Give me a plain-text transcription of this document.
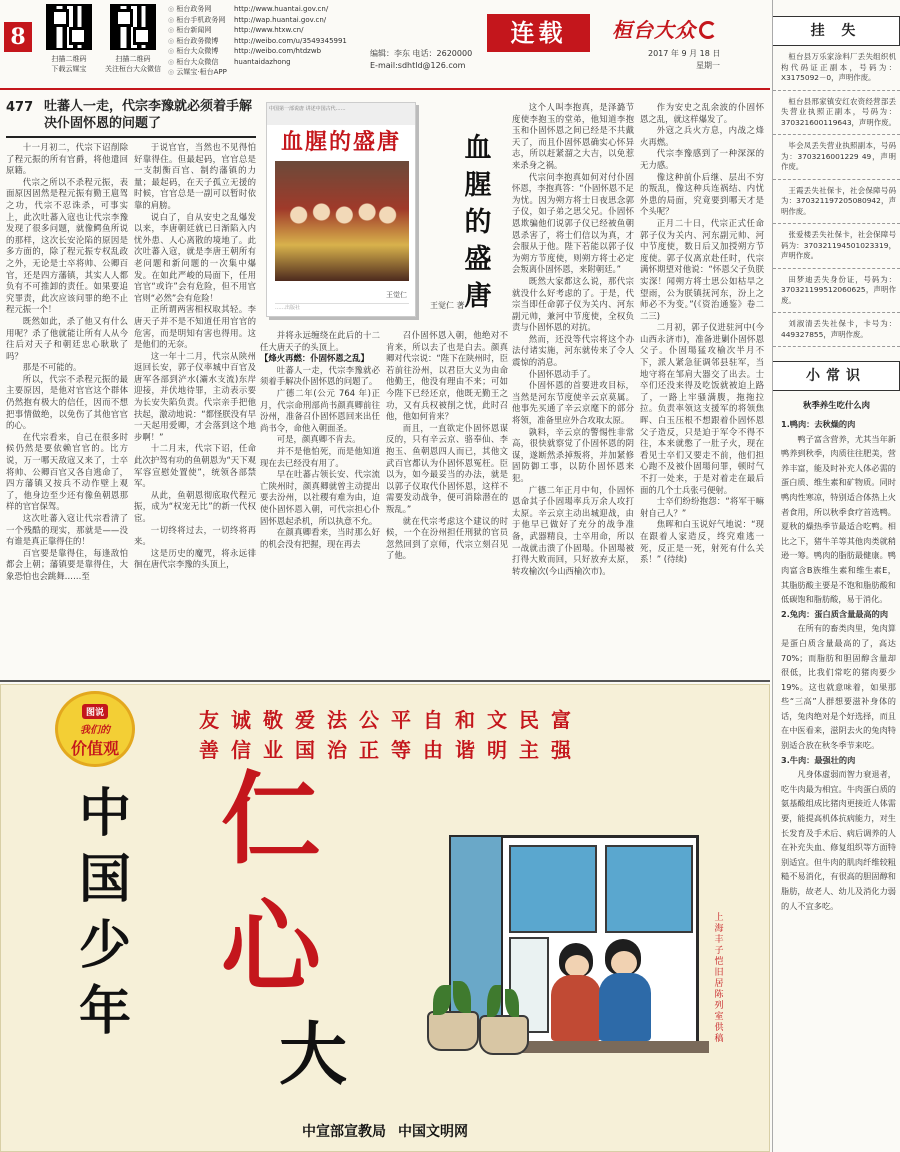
8
扫描二维码
下载云媒宝
扫描二维码
关注桓台大众微信
◎ 桓台政务网	http://www.huantai.gov.cn/
◎ 桓台手机政务网 http://wap.huantai.gov.cn/
◎ 桓台新闻网	http://www.htxw.cn/
◎ 桓台政务微博 http://weibo.com/u/3549345991
◎ 桓台大众微博 http://weibo.com/htdzwb
◎ 桓台大众微信 huantaidazhong
◎ 云媒宝·桓台APP
编辑：李东 电话：2620000
E-mail:sdhtld@126.com
连载	桓台大众
2017 年 9 月 18 日
星期一
477 吐蕃人一走，代宗李豫就必须着手解决仆固怀恩的问题了

十一月初二，代宗下诏削除了程元振的所有官爵，将他遣回原籍。

代宗之所以不杀程元振，表面原因固然是程元振有勤王扈驾之功，代宗不忍诛杀，可事实上，此次吐蕃入寇也让代宗李豫发现了很多问题，就像鳄鱼所说的那样，这次长安沦陷的原因是多方面的，除了程元振专权乱政之外，无论是士卒将帅、公卿百官，还是四方藩镇，其实人人都负有不可推卸的责任。如果要追究罪责，此次应该问罪的绝不止程元振一个！

既然如此，杀了他又有什么用呢？杀了他就能让所有人从今往后对天子和朝廷忠心耿耿了吗？

那是不可能的。

所以，代宗不杀程元振的最主要原因，是他对官官这个群体仍然抱有极大的信任，因而不想把事情做绝，以免伤了其他官官的心。

在代宗看来，自己在很多时候仍然是要依赖官官的。比方说，万一哪天敌寇又来了，士卒将帅、公卿百官又各自逃命了，四方藩镇又按兵不动作壁上观了，他身边至少还有像鱼朝恩那样的官官保驾。

这次吐蕃入寇让代宗看清了一个残酷的现实，那就是——没有谁是真正靠得住的！

百官要是靠得住，每逢敌怕都会上朝；藩镇要是靠得住，大象恐怕也会跳舞……至

于说官官，当然也不见得怕好靠得住。但最起码，官官总是一支制衡百官、制约藩镇的力量；最起码，在天子孤立无援的时候，官官总是一副可以暂时依靠的肩膀。

说白了，自从安史之乱爆发以来，李唐朝廷就已日渐陷入内忧外患、人心离散的境地了。此次吐蕃入寇，就是李唐王朝所有老问题和新问题的一次集中爆发。在如此严峻的局面下，任用官官“或许”会有危险，但不用官官则“必然”会有危险！

正所谓两害相权取其轻。李唐天子并不是不知道任用官官的危害，而是明知有害也得用。这是他们的无奈。

这一年十二月，代宗从陕州返回长安，郭子仪率城中百官及唐军各部到浐水(灞水支流)东岸迎接，并伏地待罪，主动表示要为长安失陷负责。代宗亲手把他扶起，激动地说：“都怪朕没有早一天起用爱卿，才会落到这个地步啊！”

十二月末，代宗下诏，任命此次护驾有功的鱼朝恩为“天下观军容宣慰处置使”，统领各部禁军。

从此，鱼朝恩彻底取代程元振，成为“权宠无比”的新一代权宦。

一切终将过去，一切终将再来。

这是历史的魔咒，将永远徘徊在唐代宗李豫的头顶上，

中国第一部说唐 讲述中国古代……
血腥的盛唐
王觉仁
……出版社
血
腥
的
盛
唐
王觉仁 著

并将永远缠绕在此后的十二任大唐天子的头顶上。

【烽火再燃：仆固怀恩之乱】

吐蕃人一走，代宗李豫就必须着手解决仆固怀恩的问题了。

广德二年(公元 764 年)正月，代宗命刑部尚书颜真卿前往汾州，准备召仆固怀恩回来出任尚书令，命他入朝面圣。

可是，颜真卿不肯去。

并不是他怕死，而是他知道现在去已经没有用了。

早在吐蕃占领长安、代宗流亡陕州时，颜真卿就曾主动提出要去汾州，以社稷有难为由，迫使仆固怀恩入朝，可代宗担心仆固怀恩起杀机，所以执意不允。

在颜真卿看来，当时那么好的机会没有把握，现在再去

召仆固怀恩入朝，他绝对不肯来，所以去了也是白去。颜真卿对代宗说：“陛下在陕州时，臣若前往汾州，以君臣大义为由命他勤王，他没有理由不来；可如今陛下已经还京，他既无勤王之功，又有兵权被削之忧，此时召他，他如何肯来？

而且，一直欲定仆固怀恩谋反的，只有辛云京、骆奉仙、李抱玉、鱼朝恩四人而已，其他文武百官都认为仆固怀恩冤枉。臣以为，如今最妥当的办法，就是以郭子仪取代仆固怀恩，这样不需要发动战争，便可消除潜在的叛乱。”

就在代宗考虑这个建议的时候，一个在汾州担任刑狱的官员忽然回到了京师，代宗立刻召见了他。

这个人叫李抱真，是泽潞节度使李抱玉的堂弟，他知道李抱玉和仆固怀恩之间已经是不共戴天了，而且仆固怀恩确实心怀异志，所以赶紧溜之大吉，以免惹来杀身之祸。

代宗问李抱真如何对付仆固怀恩，李抱真答：“仆固怀恩不足为忧。因为朔方将士日夜思念郭子仪，如子弟之思父兄。仆固怀恩欺骗他们说郭子仪已经被鱼朝恩杀害了，将士们信以为真，才会服从于他。陛下若能以郭子仪为朔方节度使，则朔方将士必定会叛离仆固怀恩，来附朝廷。”

既然大家都这么说，那代宗就没什么好考虑的了。于是，代宗当即任命郭子仪为关内、河东副元帅，兼河中节度使，全权负责与仆固怀恩的对抗。

然而，还没等代宗将这个办法付诸实施，河东就传来了令人震惊的消息。

仆固怀恩动手了。

仆固怀恩的首要进攻目标，当然是河东节度使辛云京莫属。他事先买通了辛云京麾下的部分将领，准备里应外合攻取太原。

孰料，辛云京的警惕性非常高，很快就察觉了仆固怀恩的阴谋，遂断然杀掉叛将，并加紧修固防御工事，以防仆固怀恩来犯。

广德二年正月中旬，仆固怀恩命其子仆固瑒率兵万余人攻打太原。辛云京主动出城迎战，由于他早已做好了充分的战争准备，武器精良，士卒用命，所以一战就击溃了仆固瑒。仆固瑒被打得大败而回，只好放弃太原，转攻榆次(今山西榆次市)。

作为安史之乱余波的仆固怀恩之乱，就这样爆发了。

外寇之兵火方息，内战之烽火再燃。

代宗李豫感到了一种深深的无力感。

像这种前仆后继、层出不穷的叛乱，像这种兵连祸结、内忧外患的局面，究竟要到哪天才是个头呢？

正月二十日，代宗正式任命郭子仪为关内、河东副元帅、河中节度使，数日后又加授朔方节度使。郭子仪离京赴任时，代宗满怀期望对他说：“怀恩父子负朕实深！闻朔方将士思公如枯旱之望雨，公为朕镇抚河东，汾上之师必不为变。”(《资治通鉴》卷二二三)

二月初，郭子仪进驻河中(今山西永济市)，准备进剿仆固怀恩父子。仆固瑒猛攻榆次半月不下，派人紧急征调邻县驻军，当地守将在邹肩大器交了出去。士卒们还没来得及吃饭就被迫上路了，一路上牢骚满腹，拖拖拉拉。负责率领这支援军的将领焦晖、白玉压根不想跟着仆固怀恩父子造反，只是迫于军令不得不往，本来就憋了一肚子火，现在看见士卒们又要走不前，他们担心跑不及被仆固瑒问罪，顿时气不打一处来，于是对着走在最后面的几个士兵张弓便射。

士卒们纷纷抱怨：“将军干嘛射自己人？”

焦晖和白玉说好气地说：“现在跟着人家造反，终究难逃一死，反正是一死，射死有什么关系！” (待续)

图说
我们的
价值观
友诚敬爱法公平自和文民富
善信业国治正等由谐明主强
中国少年
仁心
大
上海丰子恺旧居陈列室供稿
中宣部宣教局 中国文明网
挂 失
桓台县万乐家涂料厂丢失组织机构代码证正副本，号码为：X3175092－0，声明作废。
桓台县邢家镇安红农资经营部丢失营业执照正副本，号码为：370321600119643，声明作废。
毕会凤丢失营业执照副本，号码为：3703216001229 49，声明作废。
王霞丢失社保卡，社会保障号码为：370321197205080942，声明作废。
张爱楼丢失社保卡，社会保障号码为：370321194501023319，声明作废。
田梦迪丢失身份证，号码为：370321199512060625，声明作废。
刘淑清丢失社保卡，卡号为：449327855，声明作废。
小常识
秋季养生吃什么肉

1.鸭肉：去秋燥的肉

鸭子富含营养，尤其当年新鸭养到秋季，肉质往往肥美，营养丰富，能及时补充人体必需的蛋白质、维生素和矿物质。同时鸭肉性寒凉，特别适合体热上火者食用，所以秋季食疗首选鸭。夏秋的燥热季节最适合吃鸭。相比之下，猪牛羊等其他肉类就稍逊一筹。鸭肉的脂肪最健康。鸭肉富含B族维生素和维生素E，其脂肪酸主要是不饱和脂肪酸和低碳饱和脂肪酸，易于消化。

2.兔肉：蛋白质含量最高的肉

在所有的畜类肉里，兔肉算是蛋白质含量最高的了，高达70%；而脂肪和胆固醇含量却很低，比我们常吃的猪肉要少19%。这也就意味着，如果那些“三高”人群想要滋补身体的话，兔肉绝对是个好选择，而且在中医看来，滋阴去火的兔肉特别适合放在秋冬季节来吃。

3.牛肉：最强壮的肉

凡身体虚弱而智力衰退者，吃牛肉最为相宜。牛肉蛋白质的氨基酸组成比猪肉更接近人体需要，能提高机体抗病能力，对生长发育及手术后、病后调养的人在补充失血、修复组织等方面特别适宜。但牛肉的肌肉纤维较粗糙不易消化，有很高的胆固醇和脂肪，故老人、幼儿及消化力弱的人不宜多吃。
